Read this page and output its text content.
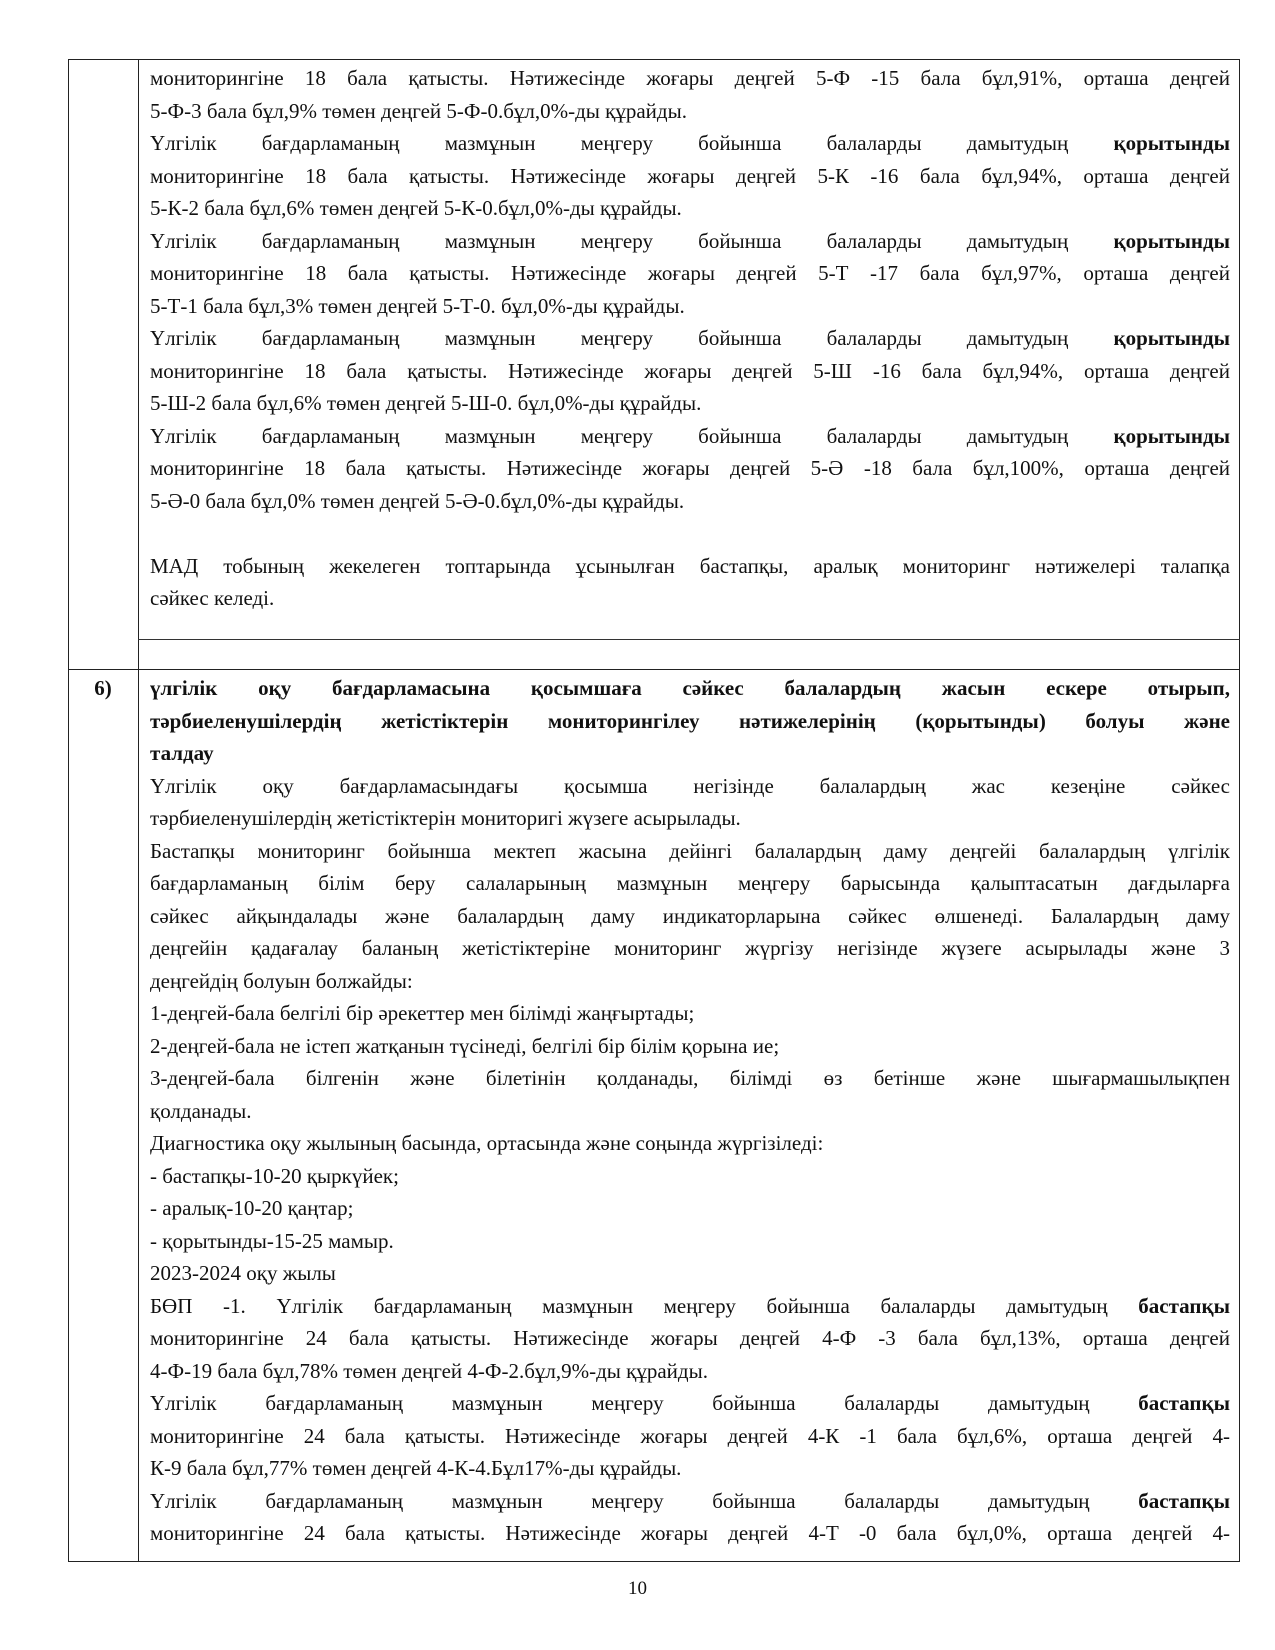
мониторингіне 18 бала қатысты. Нәтижесінде жоғары деңгей 5-Ф -15 бала бұл,91%, орташа деңгей
5-Ф-3 бала бұл,9% төмен деңгей 5-Ф-0.бұл,0%-ды құрайды.
Үлгілік бағдарламаның мазмұнын меңгеру бойынша балаларды дамытудың қорытынды
мониторингіне 18 бала қатысты. Нәтижесінде жоғары деңгей 5-К -16 бала бұл,94%, орташа деңгей
5-К-2 бала бұл,6% төмен деңгей 5-К-0.бұл,0%-ды құрайды.
Үлгілік бағдарламаның мазмұнын меңгеру бойынша балаларды дамытудың қорытынды
мониторингіне 18 бала қатысты. Нәтижесінде жоғары деңгей 5-Т -17 бала бұл,97%, орташа деңгей
5-Т-1 бала бұл,3% төмен деңгей 5-Т-0. бұл,0%-ды құрайды.
Үлгілік бағдарламаның мазмұнын меңгеру бойынша балаларды дамытудың қорытынды
мониторингіне 18 бала қатысты. Нәтижесінде жоғары деңгей 5-Ш -16 бала бұл,94%, орташа деңгей
5-Ш-2 бала бұл,6% төмен деңгей 5-Ш-0. бұл,0%-ды құрайды.
Үлгілік бағдарламаның мазмұнын меңгеру бойынша балаларды дамытудың қорытынды
мониторингіне 18 бала қатысты. Нәтижесінде жоғары деңгей 5-Ә -18 бала бұл,100%, орташа деңгей
5-Ә-0 бала бұл,0% төмен деңгей 5-Ә-0.бұл,0%-ды құрайды.

МАД тобының жекелеген топтарында ұсынылған бастапқы, аралық мониторинг нәтижелері талапқа
сәйкес келеді.
6)	үлгілік оқу бағдарламасына қосымшаға сәйкес балалардың жасын ескере отырып,
тәрбиеленушілердің жетістіктерін мониторингілеу нәтижелерінің (қорытынды) болуы және
талдау
Үлгілік оқу бағдарламасындағы қосымша негізінде балалардың жас кезеңіне сәйкес
тәрбиеленушілердің жетістіктерін мониторигі жүзеге асырылады.
Бастапқы мониторинг бойынша мектеп жасына дейінгі балалардың даму деңгейі балалардың үлгілік
бағдарламаның білім беру салаларының мазмұнын меңгеру барысында қалыптасатын дағдыларға
сәйкес айқындалады және балалардың даму индикаторларына сәйкес өлшенеді. Балалардың даму
деңгейін қадағалау баланың жетістіктеріне мониторинг жүргізу негізінде жүзеге асырылады және 3
деңгейдің болуын болжайды:
1-деңгей-бала белгілі бір әрекеттер мен білімді жаңғыртады;
2-деңгей-бала не істеп жатқанын түсінеді, белгілі бір білім қорына ие;
3-деңгей-бала білгенін және білетінін қолданады, білімді өз бетінше және шығармашылықпен
қолданады.
Диагностика оқу жылының басында, ортасында және соңында жүргізіледі:
- бастапқы-10-20 қыркүйек;
- аралық-10-20 қаңтар;
- қорытынды-15-25 мамыр.
2023-2024 оқу жылы
БӨП -1. Үлгілік бағдарламаның мазмұнын меңгеру бойынша балаларды дамытудың бастапқы
мониторингіне 24 бала қатысты. Нәтижесінде жоғары деңгей 4-Ф -3 бала бұл,13%, орташа деңгей
4-Ф-19 бала бұл,78% төмен деңгей 4-Ф-2.бұл,9%-ды құрайды.
Үлгілік бағдарламаның мазмұнын меңгеру бойынша балаларды дамытудың бастапқы
мониторингіне 24 бала қатысты. Нәтижесінде жоғары деңгей 4-К -1 бала бұл,6%, орташа деңгей 4-
К-9 бала бұл,77% төмен деңгей 4-К-4.Бұл17%-ды құрайды.
Үлгілік бағдарламаның мазмұнын меңгеру бойынша балаларды дамытудың бастапқы
мониторингіне 24 бала қатысты. Нәтижесінде жоғары деңгей 4-Т -0 бала бұл,0%, орташа деңгей 4-
10
